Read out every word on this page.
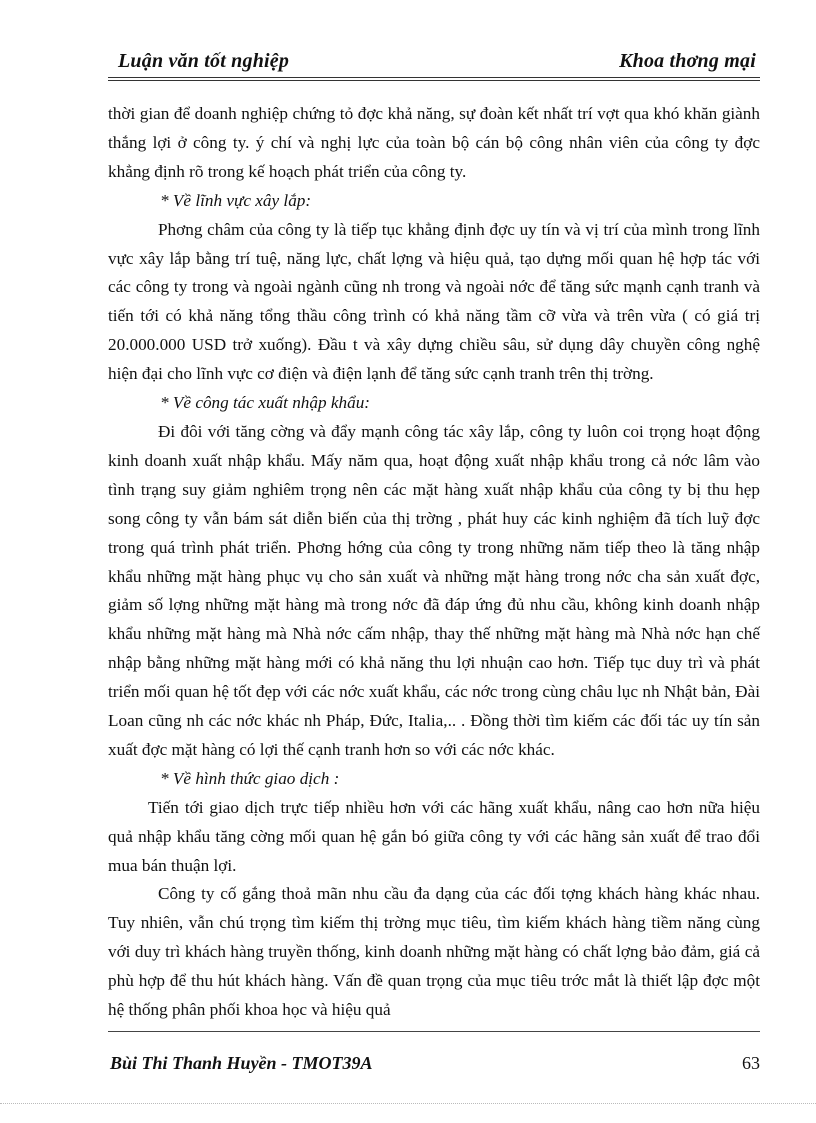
Luận văn tốt nghiệp	Khoa thơng mại

thời gian để doanh nghiệp chứng tỏ đợc khả năng, sự đoàn kết nhất trí vợt qua khó khăn giành thắng lợi ở công ty. ý chí và nghị lực của toàn bộ cán bộ công nhân viên của công ty đợc khẳng định rõ trong kế hoạch phát triển của công ty.

* Về lĩnh vực xây lắp:

Phơng châm của công ty là tiếp tục khẳng định đợc uy tín và vị trí của mình trong lĩnh vực xây lắp bằng trí tuệ, năng lực, chất lợng và hiệu quả, tạo dựng mối quan hệ hợp tác với các công ty trong và ngoài ngành cũng nh trong và ngoài nớc để tăng sức mạnh cạnh tranh và tiến tới có khả năng tổng thầu công trình có khả năng tầm cỡ vừa và trên vừa ( có giá trị 20.000.000 USD trở xuống). Đầu t và xây dựng chiều sâu, sử dụng dây chuyền công nghệ hiện đại cho lĩnh vực cơ điện và điện lạnh để tăng sức cạnh tranh trên thị trờng.

* Về công tác xuất nhập khẩu:

Đi đôi với tăng cờng và đẩy mạnh công tác xây lắp, công ty luôn coi trọng hoạt động kinh doanh xuất nhập khẩu. Mấy năm qua, hoạt động xuất nhập khẩu trong cả nớc lâm vào tình trạng suy giảm nghiêm trọng nên các mặt hàng xuất nhập khẩu của công ty bị thu hẹp song công ty vẫn bám sát diễn biến của thị trờng , phát huy các kinh nghiệm đã tích luỹ đợc trong quá trình phát triển. Phơng hớng của công ty trong những năm tiếp theo là tăng nhập khẩu những mặt hàng phục vụ cho sản xuất và những mặt hàng trong nớc cha sản xuất đợc, giảm số lợng những mặt hàng mà trong nớc đã đáp ứng đủ nhu cầu, không kinh doanh nhập khẩu những mặt hàng mà Nhà nớc cấm nhập, thay thế những mặt hàng mà Nhà nớc hạn chế nhập bằng những mặt hàng mới có khả năng thu lợi nhuận cao hơn. Tiếp tục duy trì và phát triển mối quan hệ tốt đẹp với các nớc xuất khẩu, các nớc trong cùng châu lục nh Nhật bản, Đài Loan cũng nh các nớc khác nh Pháp, Đức, Italia,.. . Đồng thời tìm kiếm các đối tác uy tín sản xuất đợc mặt hàng có lợi thế cạnh tranh hơn so với các nớc khác.

* Về hình thức giao dịch :

Tiến tới giao dịch trực tiếp nhiều hơn với các hãng xuất khẩu, nâng cao hơn nữa hiệu quả nhập khẩu tăng cờng mối quan hệ gắn bó giữa công ty với các hãng sản xuất để trao đổi mua bán thuận lợi.

Công ty cố gắng thoả mãn nhu cầu đa dạng của các đối tợng khách hàng khác nhau. Tuy nhiên, vẫn chú trọng tìm kiếm thị trờng mục tiêu, tìm kiếm khách hàng tiềm năng cùng với duy trì khách hàng truyền thống, kinh doanh những mặt hàng có chất lợng bảo đảm, giá cả phù hợp để thu hút khách hàng. Vấn đề quan trọng của mục tiêu trớc mắt là thiết lập đợc một hệ thống phân phối khoa học và hiệu quả

Bùi Thi Thanh Huyền - TMOT39A	63
